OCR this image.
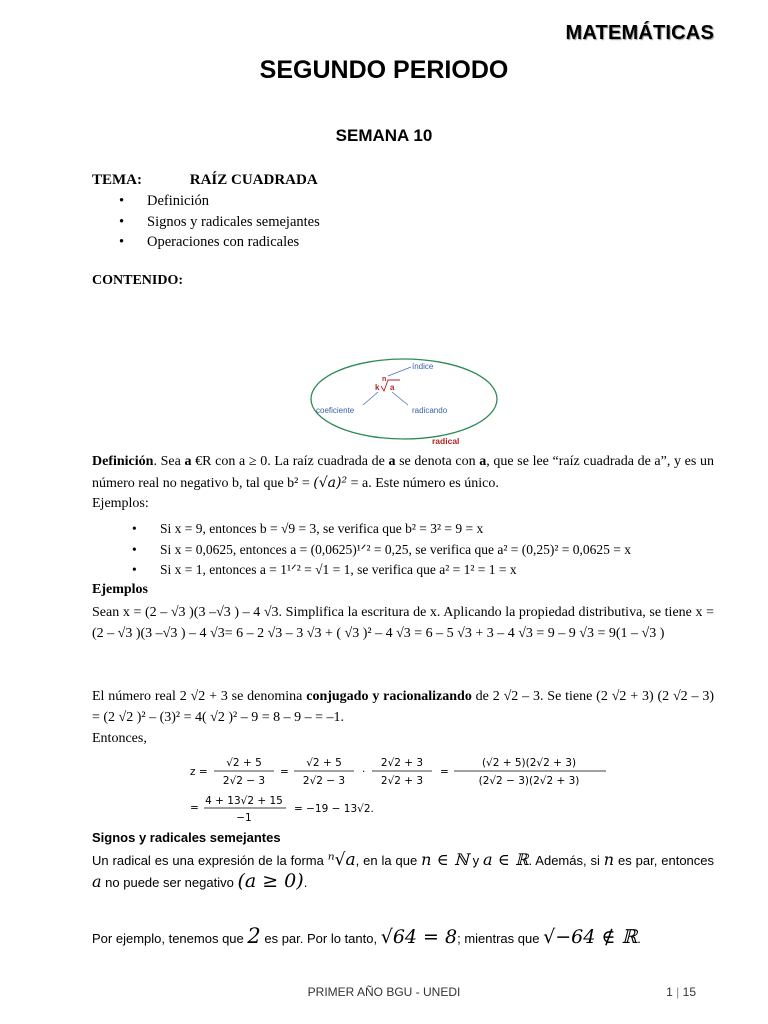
MATEMÁTICAS
SEGUNDO PERIODO
SEMANA 10
TEMA:	RAÍZ CUADRADA
• Definición
• Signos y radicales semejantes
• Operaciones con radicales
CONTENIDO:
índice
n
k a
coeficiente	radicando
radical
Definición. Sea a €R con a ≥ 0. La raíz cuadrada de a se denota con a, que se lee “raíz cuadrada de a”, y es un número real no negativo b, tal que b² = (√a)² = a. Este número es único.
Ejemplos:
• Si x = 9, entonces b = √9 = 3, se verifica que b² = 3² = 9 = x
• Si x = 0,0625, entonces a = (0,0625)¹ᐟ² = 0,25, se verifica que a² = (0,25)² = 0,0625 = x
• Si x = 1, entonces a = 1¹ᐟ² = √1 = 1, se verifica que a² = 1² = 1 = x
Ejemplos
Sean x = (2 – √3 )(3 –√3 ) – 4 √3. Simplifica la escritura de x. Aplicando la propiedad distributiva, se tiene x = (2 – √3 )(3 –√3 ) – 4 √3= 6 – 2 √3 – 3 √3 + ( √3 )² – 4 √3 = 6 – 5 √3 + 3 – 4 √3 = 9 – 9 √3 = 9(1 – √3 )
El número real 2 √2 + 3 se denomina conjugado y racionalizando de 2 √2 – 3. Se tiene (2 √2 + 3) (2 √2 – 3) = (2 √2 )² – (3)² = 4( √2 )² – 9 = 8 – 9 – = –1.
Entonces,
z =
√2 + 5
2√2 − 3
=
√2 + 5
2√2 − 3
·
2√2 + 3
2√2 + 3
=
(√2 + 5)(2√2 + 3)
(2√2 − 3)(2√2 + 3)
=
4 + 13√2 + 15
−1
= −19 − 13√2.
Signos y radicales semejantes
Un radical es una expresión de la forma ⁿ√a, en la que n ∈ ℕ y a ∈ ℝ. Además, si n es par, entonces a no puede ser negativo (a ≥ 0).
Por ejemplo, tenemos que 2 es par. Por lo tanto, √64 = 8; mientras que √−64 ∉ ℝ.
PRIMER AÑO BGU - UNEDI	1 | 15
